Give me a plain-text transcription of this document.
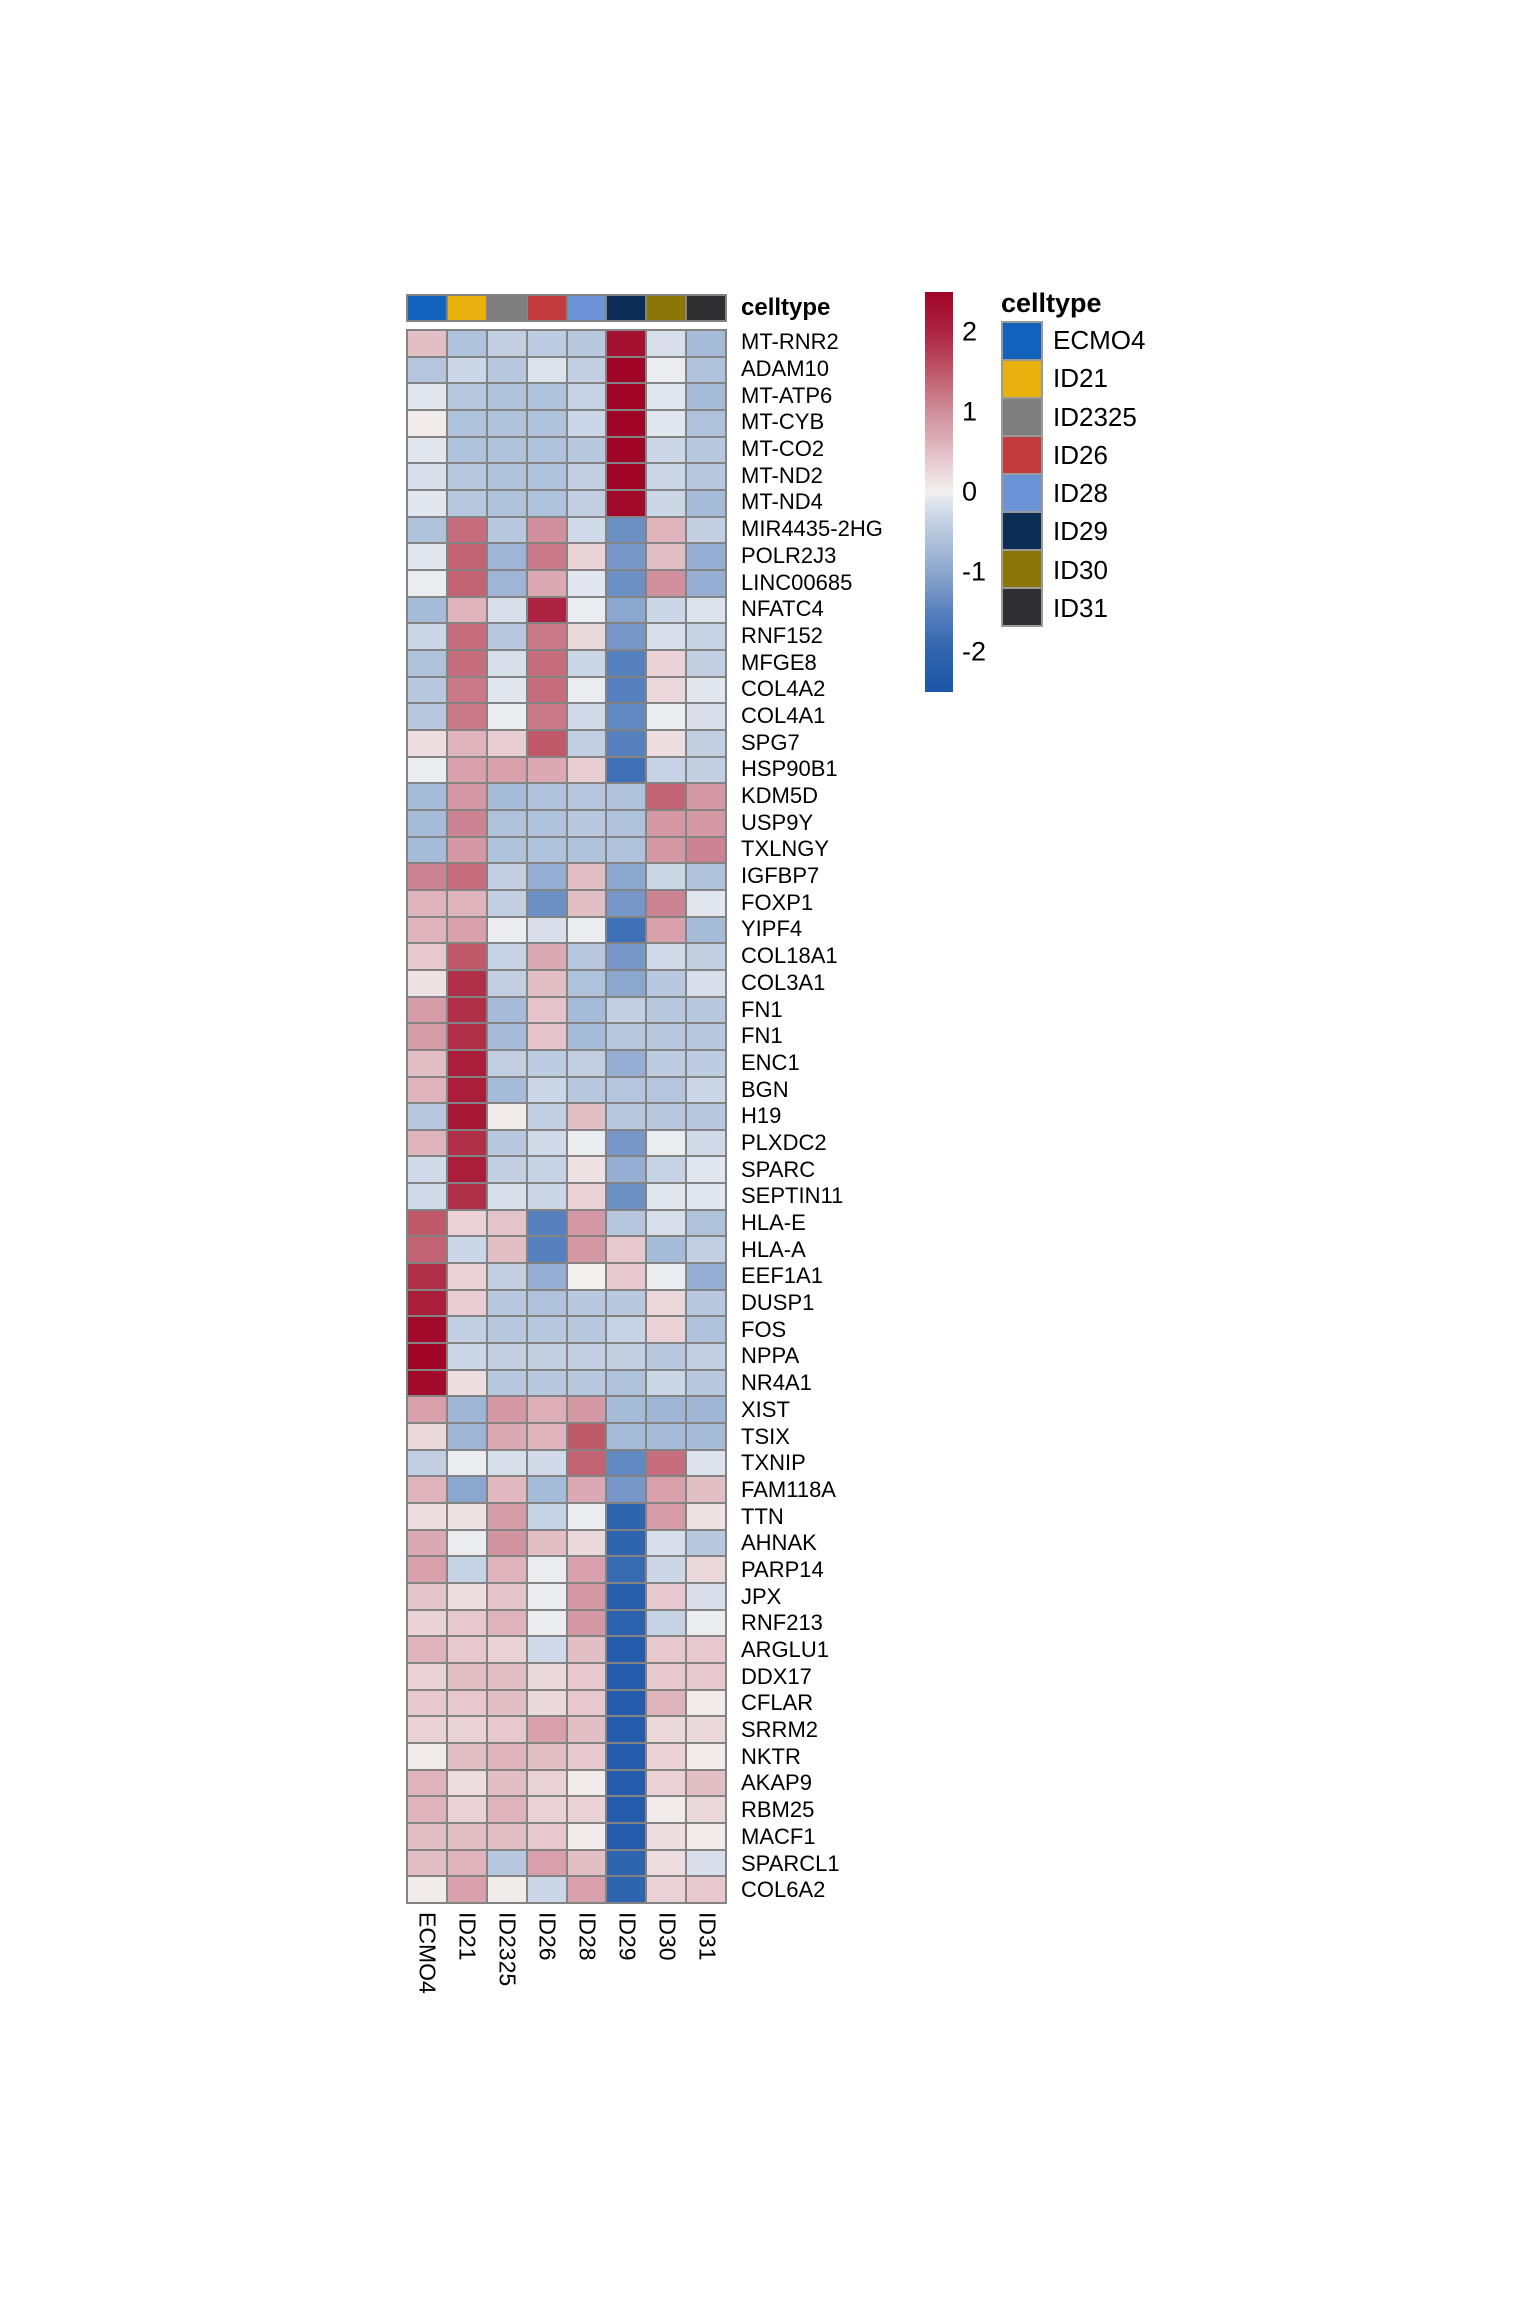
celltype
MT-RNR2
ADAM10
MT-ATP6
MT-CYB
MT-CO2
MT-ND2
MT-ND4
MIR4435-2HG
POLR2J3
LINC00685
NFATC4
RNF152
MFGE8
COL4A2
COL4A1
SPG7
HSP90B1
KDM5D
USP9Y
TXLNGY
IGFBP7
FOXP1
YIPF4
COL18A1
COL3A1
FN1
FN1
ENC1
BGN
H19
PLXDC2
SPARC
SEPTIN11
HLA-E
HLA-A
EEF1A1
DUSP1
FOS
NPPA
NR4A1
XIST
TSIX
TXNIP
FAM118A
TTN
AHNAK
PARP14
JPX
RNF213
ARGLU1
DDX17
CFLAR
SRRM2
NKTR
AKAP9
RBM25
MACF1
SPARCL1
COL6A2
ECMO4 ID21 ID2325 ID26 ID28 ID29 ID30 ID31
2
1
0
-1
-2
celltype
ECMO4
ID21
ID2325
ID26
ID28
ID29
ID30
ID31
